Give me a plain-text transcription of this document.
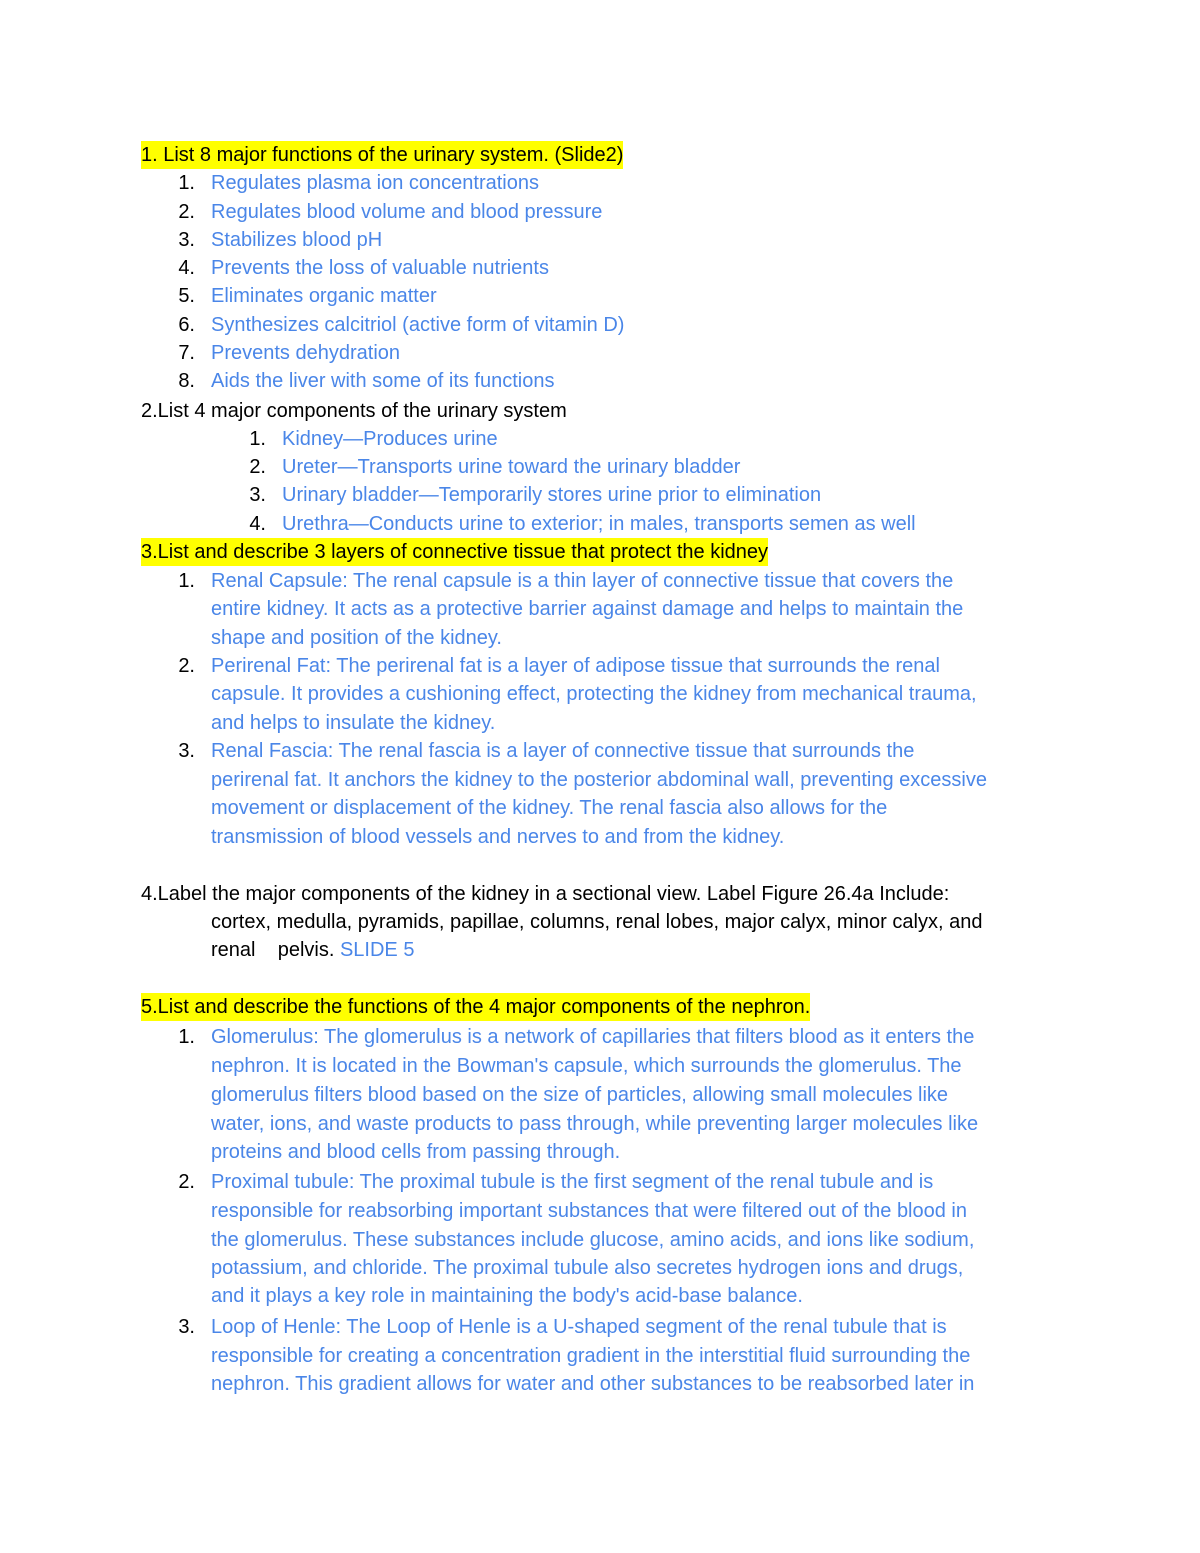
1. List 8 major functions of the urinary system. (Slide2)
1. Regulates plasma ion concentrations
2. Regulates blood volume and blood pressure
3. Stabilizes blood pH
4. Prevents the loss of valuable nutrients
5. Eliminates organic matter
6. Synthesizes calcitriol (active form of vitamin D)
7. Prevents dehydration
8. Aids the liver with some of its functions
2.List 4 major components of the urinary system
1. Kidney—Produces urine
2. Ureter—Transports urine toward the urinary bladder
3. Urinary bladder—Temporarily stores urine prior to elimination
4. Urethra—Conducts urine to exterior; in males, transports semen as well
3.List and describe 3 layers of connective tissue that protect the kidney
1. Renal Capsule: The renal capsule is a thin layer of connective tissue that covers the
entire kidney. It acts as a protective barrier against damage and helps to maintain the
shape and position of the kidney.
2. Perirenal Fat: The perirenal fat is a layer of adipose tissue that surrounds the renal
capsule. It provides a cushioning effect, protecting the kidney from mechanical trauma,
and helps to insulate the kidney.
3. Renal Fascia: The renal fascia is a layer of connective tissue that surrounds the
perirenal fat. It anchors the kidney to the posterior abdominal wall, preventing excessive
movement or displacement of the kidney. The renal fascia also allows for the
transmission of blood vessels and nerves to and from the kidney.
4.Label the major components of the kidney in a sectional view. Label Figure 26.4a Include:
cortex, medulla, pyramids, papillae, columns, renal lobes, major calyx, minor calyx, and
renal    pelvis. SLIDE 5
5.List and describe the functions of the 4 major components of the nephron.
1. Glomerulus: The glomerulus is a network of capillaries that filters blood as it enters the
nephron. It is located in the Bowman's capsule, which surrounds the glomerulus. The
glomerulus filters blood based on the size of particles, allowing small molecules like
water, ions, and waste products to pass through, while preventing larger molecules like
proteins and blood cells from passing through.
2. Proximal tubule: The proximal tubule is the first segment of the renal tubule and is
responsible for reabsorbing important substances that were filtered out of the blood in
the glomerulus. These substances include glucose, amino acids, and ions like sodium,
potassium, and chloride. The proximal tubule also secretes hydrogen ions and drugs,
and it plays a key role in maintaining the body's acid-base balance.
3. Loop of Henle: The Loop of Henle is a U-shaped segment of the renal tubule that is
responsible for creating a concentration gradient in the interstitial fluid surrounding the
nephron. This gradient allows for water and other substances to be reabsorbed later in
